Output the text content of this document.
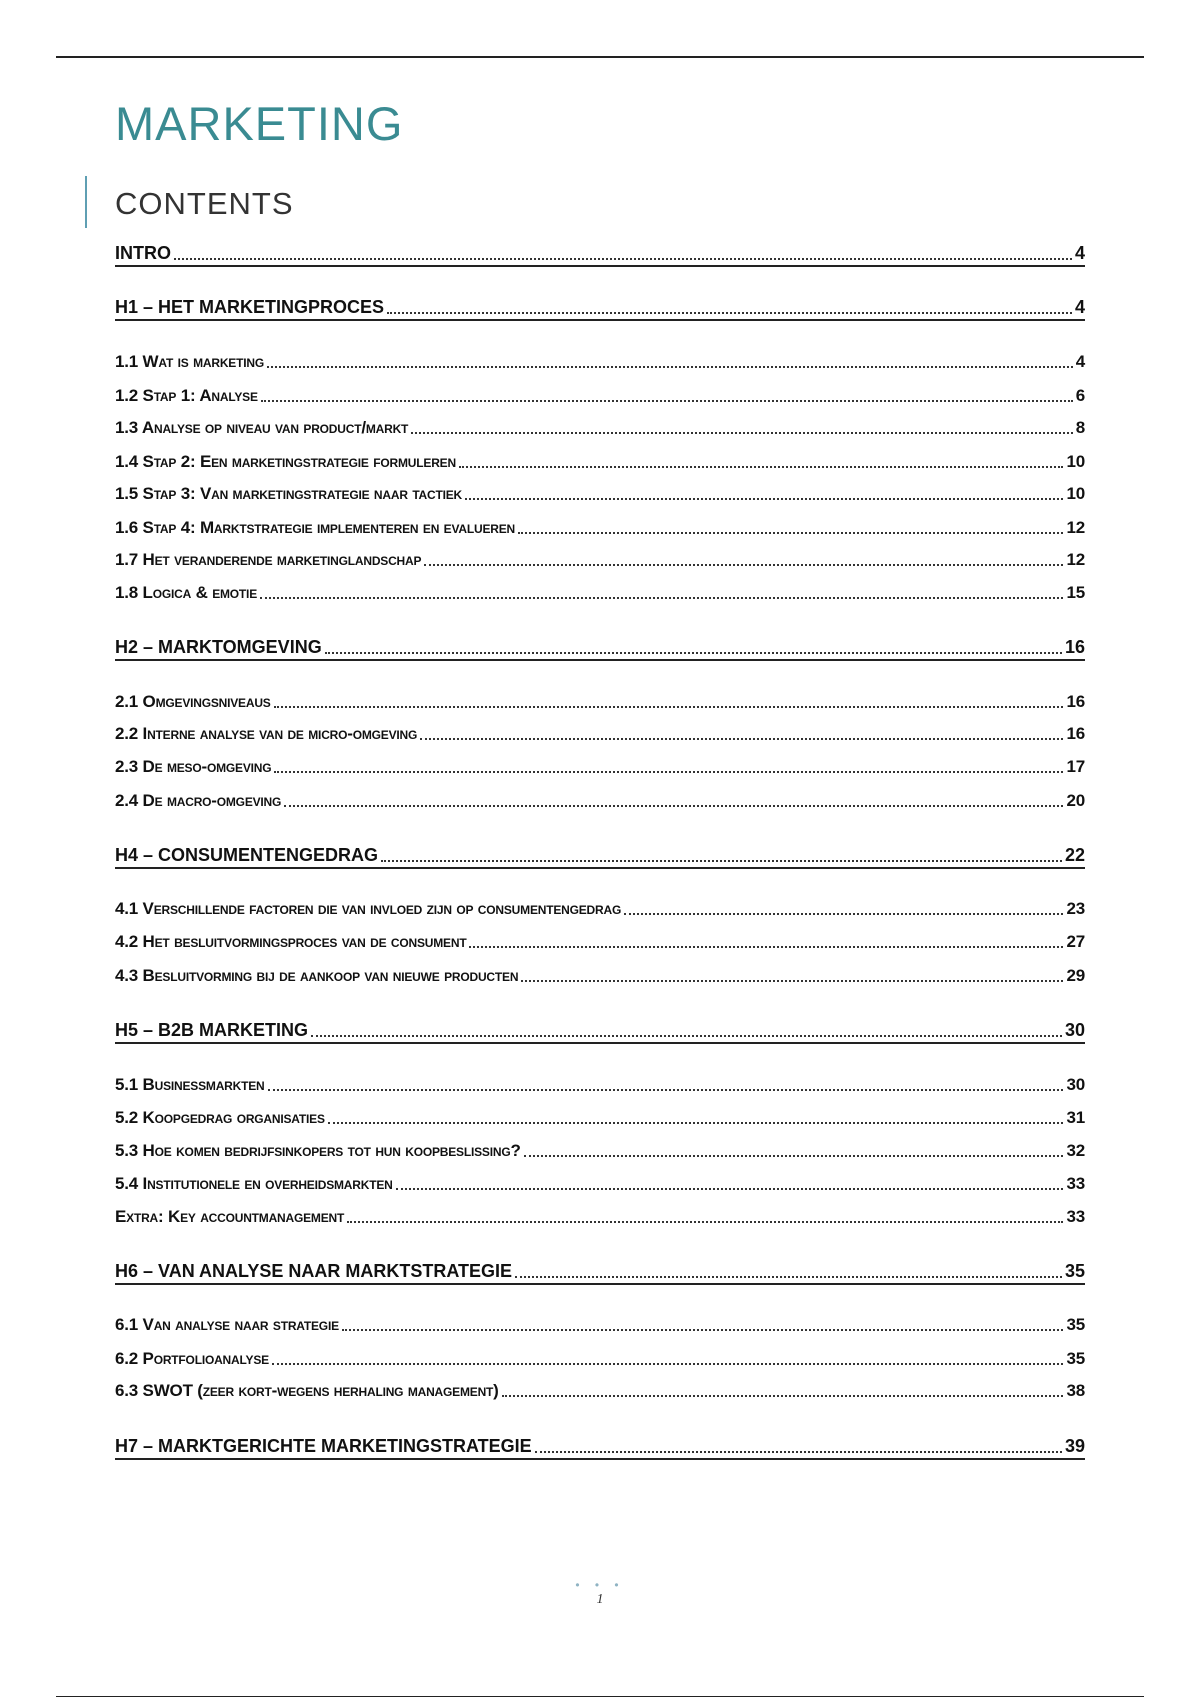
MARKETING
CONTENTS
INTRO	4
H1 – HET MARKETINGPROCES	4
1.1 Wat is marketing	4
1.2 Stap 1: Analyse	6
1.3 Analyse op niveau van product/markt	8
1.4 Stap 2: Een marketingstrategie formuleren	10
1.5 Stap 3: Van marketingstrategie naar tactiek	10
1.6 Stap 4: Marktstrategie implementeren en evalueren	12
1.7 Het veranderende marketinglandschap	12
1.8 Logica & emotie	15
H2 – MARKTOMGEVING	16
2.1 Omgevingsniveaus	16
2.2 Interne analyse van de micro-omgeving	16
2.3 De meso-omgeving	17
2.4 De macro-omgeving	20
H4 – CONSUMENTENGEDRAG	22
4.1 Verschillende factoren die van invloed zijn op consumentengedrag	23
4.2 Het besluitvormingsproces van de consument	27
4.3 Besluitvorming bij de aankoop van nieuwe producten	29
H5 – B2B MARKETING	30
5.1 Businessmarkten	30
5.2 Koopgedrag organisaties	31
5.3 Hoe komen bedrijfsinkopers tot hun koopbeslissing?	32
5.4 Institutionele en overheidsmarkten	33
Extra: Key accountmanagement	33
H6 – VAN ANALYSE NAAR MARKTSTRATEGIE	35
6.1 Van analyse naar strategie	35
6.2 Portfolioanalyse	35
6.3 SWOT (zeer kort-wegens herhaling management)	38
H7 – MARKTGERICHTE MARKETINGSTRATEGIE	39
• • •
1
